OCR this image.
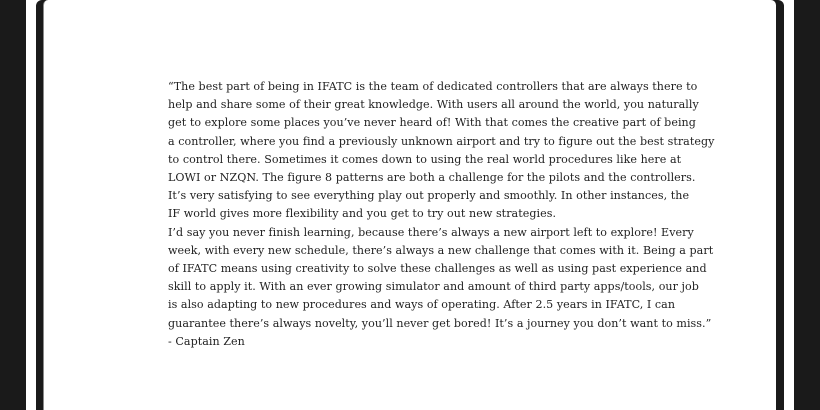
“The best part of being in IFATC is the team of dedicated controllers that are always there to
help and share some of their great knowledge. With users all around the world, you naturally
get to explore some places you’ve never heard of! With that comes the creative part of being
a controller, where you find a previously unknown airport and try to figure out the best strategy
to control there. Sometimes it comes down to using the real world procedures like here at
LOWI or NZQN. The figure 8 patterns are both a challenge for the pilots and the controllers.
It’s very satisfying to see everything play out properly and smoothly. In other instances, the
IF world gives more flexibility and you get to try out new strategies.
I’d say you never finish learning, because there’s always a new airport left to explore! Every
week, with every new schedule, there’s always a new challenge that comes with it. Being a part
of IFATC means using creativity to solve these challenges as well as using past experience and
skill to apply it. With an ever growing simulator and amount of third party apps/tools, our job
is also adapting to new procedures and ways of operating. After 2.5 years in IFATC, I can
guarantee there’s always novelty, you’ll never get bored! It’s a journey you don’t want to miss.”
- Captain Zen
